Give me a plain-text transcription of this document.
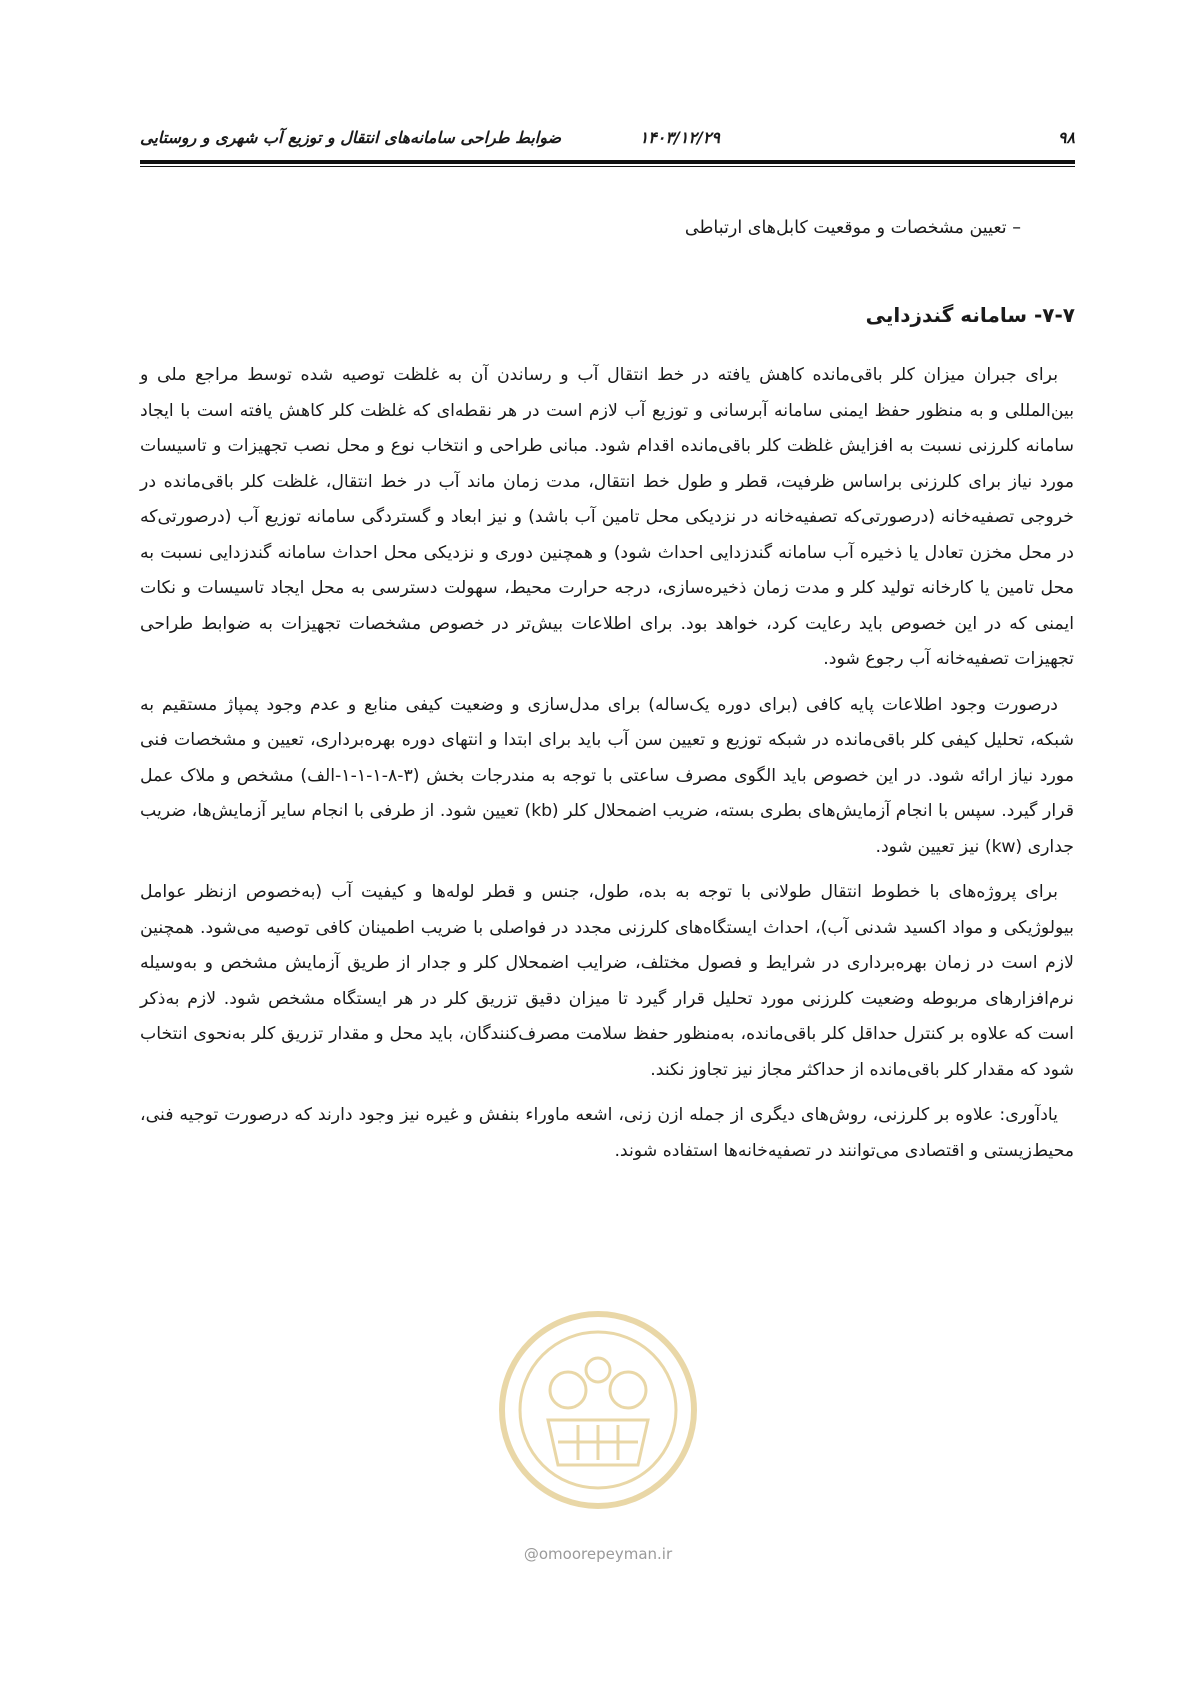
۹۸
۱۴۰۳/۱۲/۲۹
ضوابط طراحی سامانه‌های انتقال و توزیع آب شهری و روستایی
– تعیین مشخصات و موقعیت کابل‌های ارتباطی
۷-۷- سامانه گندزدایی

برای جبران میزان کلر باقی‌مانده کاهش یافته در خط انتقال آب و رساندن آن به غلظت توصیه شده توسط مراجع ملی و بین‌المللی و به منظور حفظ ایمنی سامانه آبرسانی و توزیع آب لازم است در هر نقطه‌ای که غلظت کلر کاهش یافته است با ایجاد سامانه کلرزنی نسبت به افزایش غلظت کلر باقی‌مانده اقدام شود. مبانی طراحی و انتخاب نوع و محل نصب تجهیزات و تاسیسات مورد نیاز برای کلرزنی براساس ظرفیت، قطر و طول خط انتقال، مدت زمان ماند آب در خط انتقال، غلظت کلر باقی‌مانده در خروجی تصفیه‌خانه (درصورتی‌که تصفیه‌خانه در نزدیکی محل تامین آب باشد) و نیز ابعاد و گستردگی سامانه توزیع آب (درصورتی‌که در محل مخزن تعادل یا ذخیره آب سامانه گندزدایی احداث شود) و همچنین دوری و نزدیکی محل احداث سامانه گندزدایی نسبت به محل تامین یا کارخانه تولید کلر و مدت زمان ذخیره‌سازی، درجه حرارت محیط، سهولت دسترسی به محل ایجاد تاسیسات و نکات ایمنی که در این خصوص باید رعایت کرد، خواهد بود. برای اطلاعات بیش‌تر در خصوص مشخصات تجهیزات به ضوابط طراحی تجهیزات تصفیه‌خانه آب رجوع شود.

درصورت وجود اطلاعات پایه کافی (برای دوره یک‌ساله) برای مدل‌سازی و وضعیت کیفی منابع و عدم وجود پمپاژ مستقیم به شبکه، تحلیل کیفی کلر باقی‌مانده در شبکه توزیع و تعیین سن آب باید برای ابتدا و انتهای دوره بهره‌برداری، تعیین و مشخصات فنی مورد نیاز ارائه شود. در این خصوص باید الگوی مصرف ساعتی با توجه به مندرجات بخش (۳-۸-۱-۱-۱-الف) مشخص و ملاک عمل قرار گیرد. سپس با انجام آزمایش‌های بطری بسته، ضریب اضمحلال کلر (kb) تعیین شود. از طرفی با انجام سایر آزمایش‌ها، ضریب جداری (kw) نیز تعیین شود.

برای پروژه‌های با خطوط انتقال طولانی با توجه به بده، طول، جنس و قطر لوله‌ها و کیفیت آب (به‌خصوص ازنظر عوامل بیولوژیکی و مواد اکسید شدنی آب)، احداث ایستگاه‌های کلرزنی مجدد در فواصلی با ضریب اطمینان کافی توصیه می‌شود. همچنین لازم است در زمان بهره‌برداری در شرایط و فصول مختلف، ضرایب اضمحلال کلر و جدار از طریق آزمایش مشخص و به‌وسیله نرم‌افزارهای مربوطه وضعیت کلرزنی مورد تحلیل قرار گیرد تا میزان دقیق تزریق کلر در هر ایستگاه مشخص شود. لازم به‌ذکر است که علاوه بر کنترل حداقل کلر باقی‌مانده، به‌منظور حفظ سلامت مصرف‌کنندگان، باید محل و مقدار تزریق کلر به‌نحوی انتخاب شود که مقدار کلر باقی‌مانده از حداکثر مجاز نیز تجاوز نکند.

یادآوری: علاوه بر کلرزنی، روش‌های دیگری از جمله ازن زنی، اشعه ماوراء بنفش و غیره نیز وجود دارند که درصورت توجیه فنی، محیط‌زیستی و اقتصادی می‌توانند در تصفیه‌خانه‌ها استفاده شوند.

@omoorepeyman.ir
